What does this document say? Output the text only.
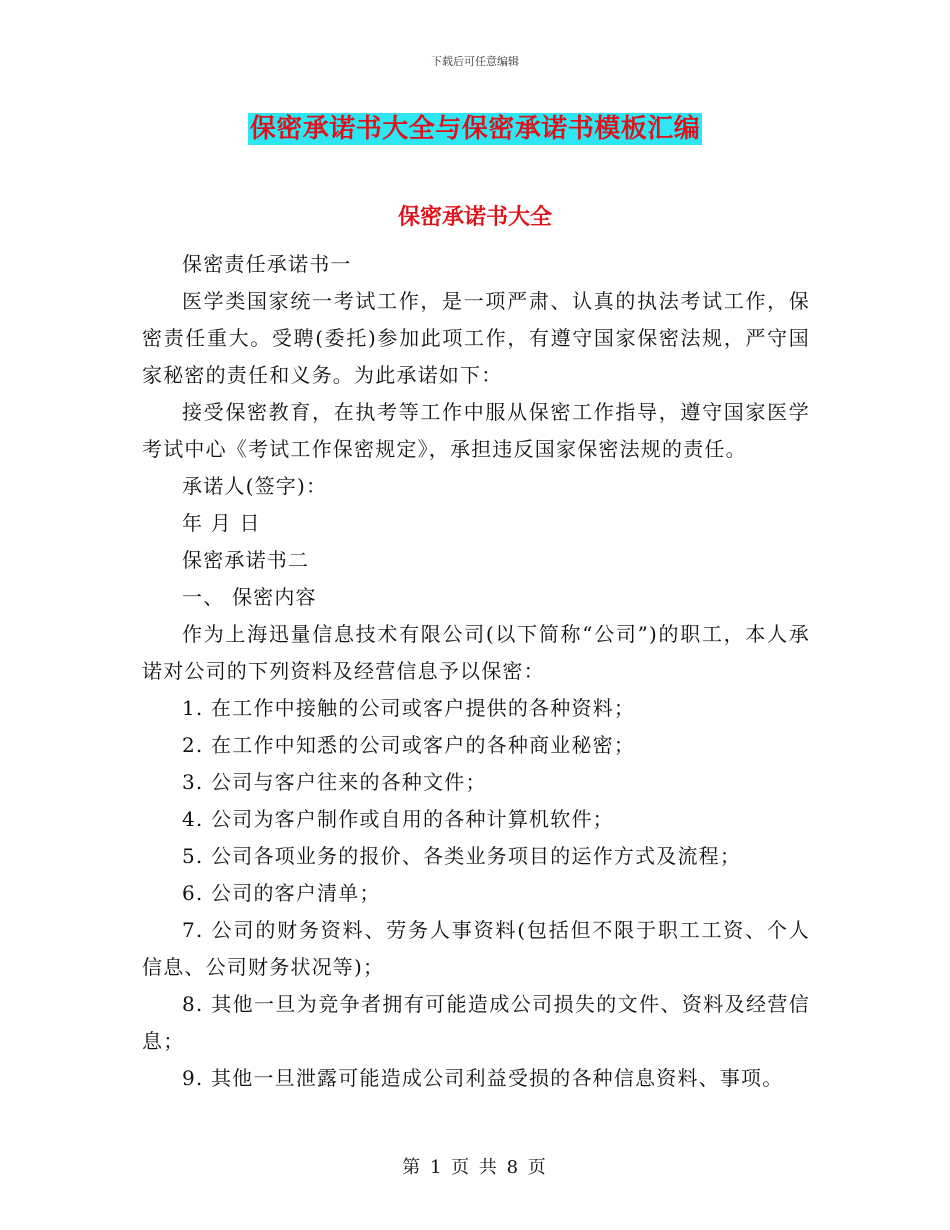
下载后可任意编辑
保密承诺书大全与保密承诺书模板汇编
保密承诺书大全

保密责任承诺书一

医学类国家统一考试工作，是一项严肃、认真的执法考试工作，保密责任重大。受聘(委托)参加此项工作，有遵守国家保密法规，严守国家秘密的责任和义务。为此承诺如下：

接受保密教育，在执考等工作中服从保密工作指导，遵守国家医学考试中心《考试工作保密规定》，承担违反国家保密法规的责任。

承诺人(签字)：

年 月 日

保密承诺书二

一、 保密内容

作为上海迅量信息技术有限公司(以下简称“公司”)的职工，本人承诺对公司的下列资料及经营信息予以保密：

1. 在工作中接触的公司或客户提供的各种资料；

2. 在工作中知悉的公司或客户的各种商业秘密；

3. 公司与客户往来的各种文件；

4. 公司为客户制作或自用的各种计算机软件；

5. 公司各项业务的报价、各类业务项目的运作方式及流程；

6. 公司的客户清单；

7. 公司的财务资料、劳务人事资料(包括但不限于职工工资、个人信息、公司财务状况等)；

8. 其他一旦为竞争者拥有可能造成公司损失的文件、资料及经营信息；

9. 其他一旦泄露可能造成公司利益受损的各种信息资料、事项。

第 1 页 共 8 页
